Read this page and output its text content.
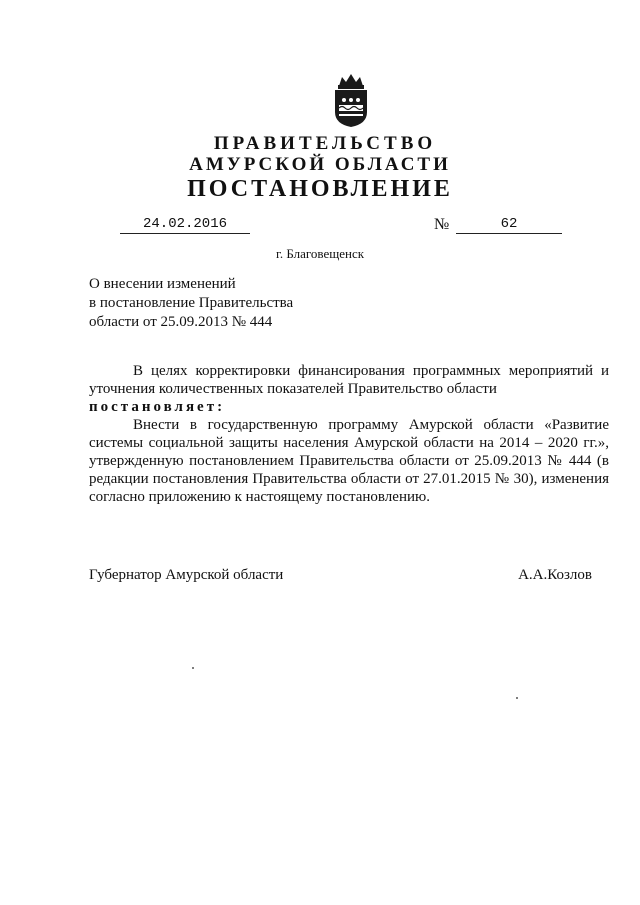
ПРАВИТЕЛЬСТВО
АМУРСКОЙ ОБЛАСТИ
ПОСТАНОВЛЕНИЕ
24.02.2016	№	62
г. Благовещенск
О внесении изменений
в постановление Правительства
области от 25.09.2013 № 444

В целях корректировки финансирования программных мероприятий и уточнения количественных показателей Правительство области

постановляет:

Внести в государственную программу Амурской области «Развитие системы социальной защиты населения Амурской области на 2014 – 2020 гг.», утвержденную постановлением Правительства области от 25.09.2013 № 444 (в редакции постановления Правительства области от 27.01.2015 № 30), изменения согласно приложению к настоящему постановлению.

Губернатор Амурской области	А.А.Козлов
